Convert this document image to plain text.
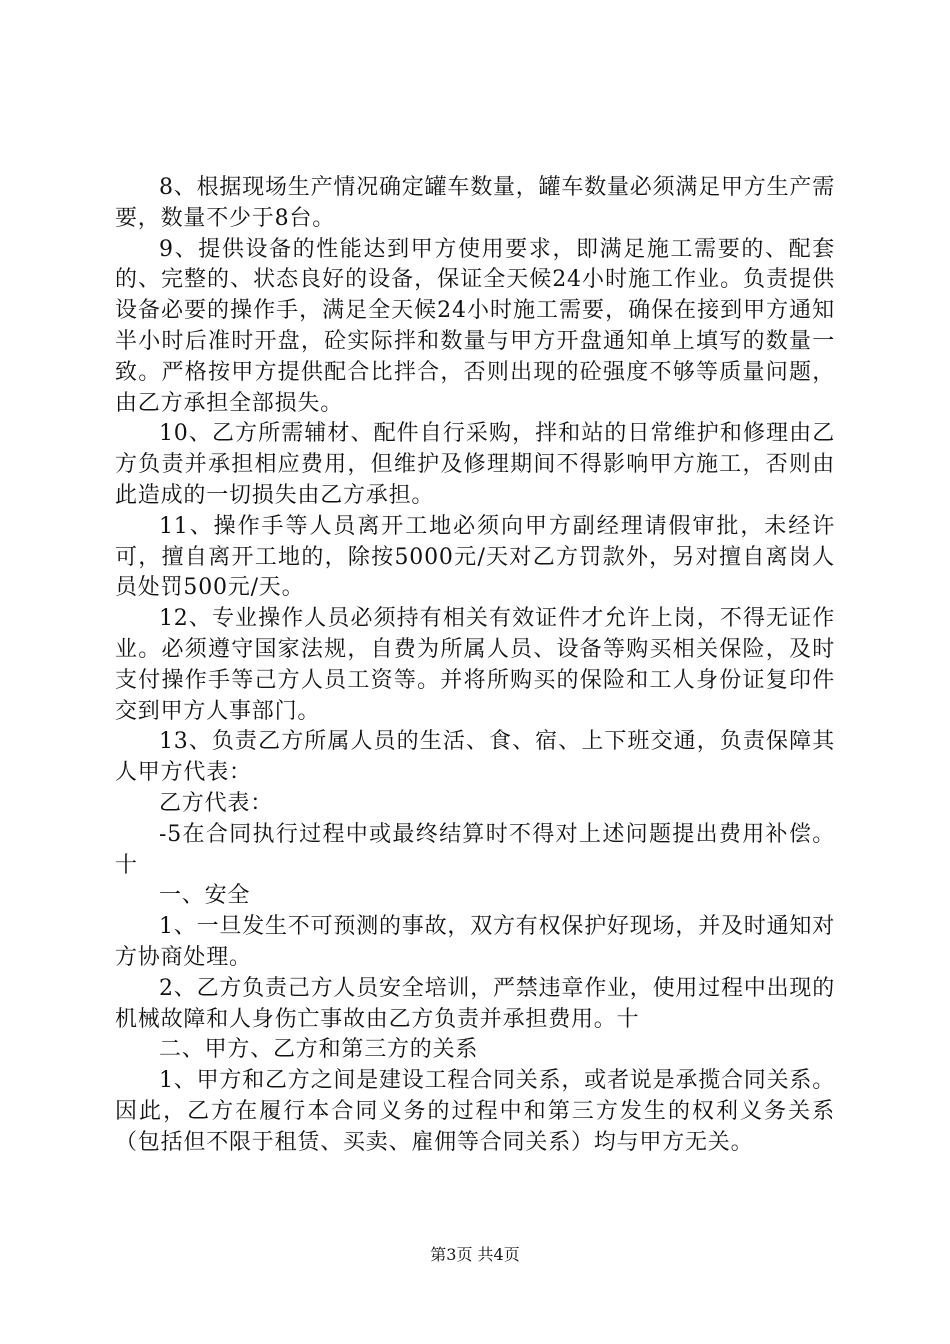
8、根据现场生产情况确定罐车数量，罐车数量必须满足甲方生产需要，数量不少于8台。

9、提供设备的性能达到甲方使用要求，即满足施工需要的、配套的、完整的、状态良好的设备，保证全天候24小时施工作业。负责提供设备必要的操作手，满足全天候24小时施工需要，确保在接到甲方通知半小时后准时开盘，砼实际拌和数量与甲方开盘通知单上填写的数量一致。严格按甲方提供配合比拌合，否则出现的砼强度不够等质量问题，由乙方承担全部损失。

10、乙方所需辅材、配件自行采购，拌和站的日常维护和修理由乙方负责并承担相应费用，但维护及修理期间不得影响甲方施工，否则由此造成的一切损失由乙方承担。

11、操作手等人员离开工地必须向甲方副经理请假审批，未经许可，擅自离开工地的，除按5000元/天对乙方罚款外，另对擅自离岗人员处罚500元/天。

12、专业操作人员必须持有相关有效证件才允许上岗，不得无证作业。必须遵守国家法规，自费为所属人员、设备等购买相关保险，及时支付操作手等己方人员工资等。并将所购买的保险和工人身份证复印件交到甲方人事部门。

13、负责乙方所属人员的生活、食、宿、上下班交通，负责保障其人甲方代表：

乙方代表：

-5在合同执行过程中或最终结算时不得对上述问题提出费用补偿。十

一、安全

1、一旦发生不可预测的事故，双方有权保护好现场，并及时通知对方协商处理。

2、乙方负责己方人员安全培训，严禁违章作业，使用过程中出现的机械故障和人身伤亡事故由乙方负责并承担费用。十

二、甲方、乙方和第三方的关系

1、甲方和乙方之间是建设工程合同关系，或者说是承揽合同关系。因此，乙方在履行本合同义务的过程中和第三方发生的权利义务关系（包括但不限于租赁、买卖、雇佣等合同关系）均与甲方无关。

第3页 共4页
